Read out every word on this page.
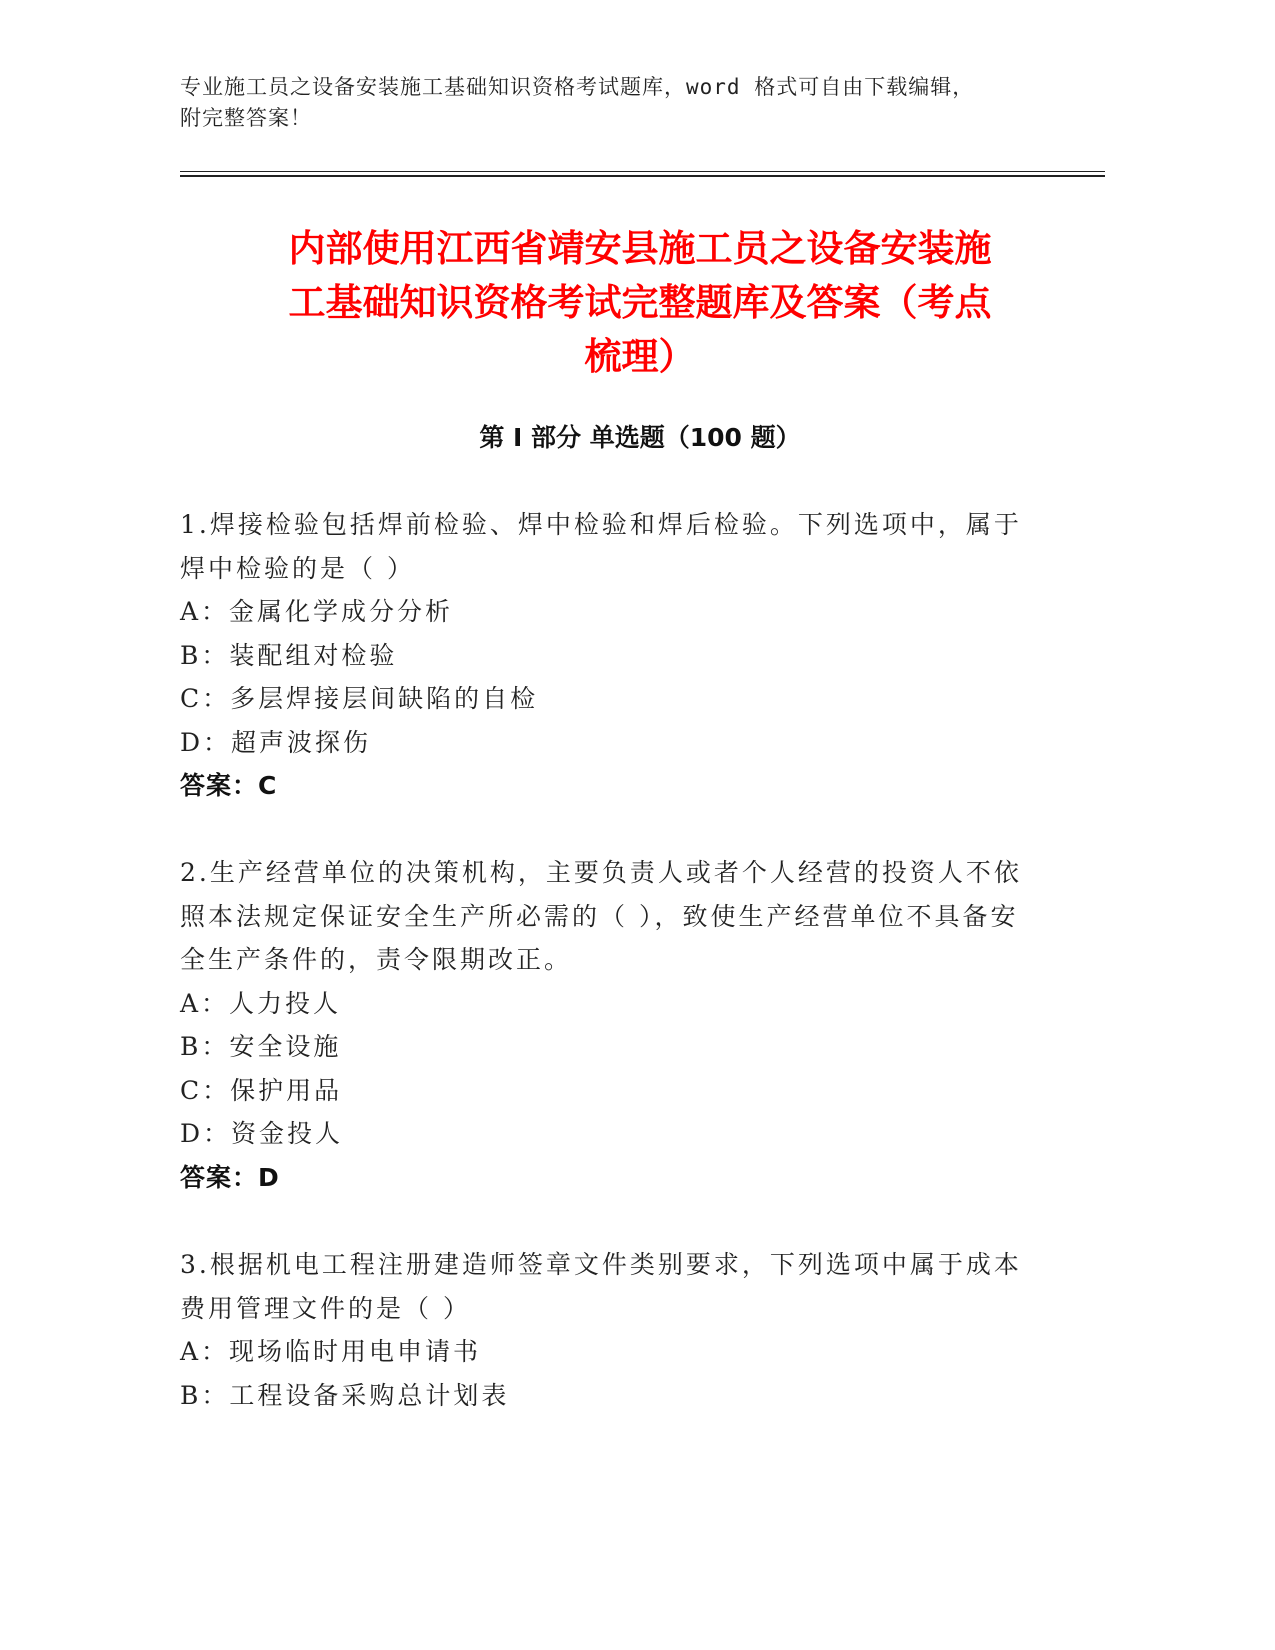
专业施工员之设备安装施工基础知识资格考试题库，word 格式可自由下载编辑，
附完整答案！
内部使用江西省靖安县施工员之设备安装施
工基础知识资格考试完整题库及答案（考点
梳理）
第 I 部分 单选题（100 题）
1.焊接检验包括焊前检验、焊中检验和焊后检验。下列选项中，属于
焊中检验的是（ ）
A：金属化学成分分析
B：装配组对检验
C：多层焊接层间缺陷的自检
D：超声波探伤
答案：C
2.生产经营单位的决策机构，主要负责人或者个人经营的投资人不依
照本法规定保证安全生产所必需的（ ），致使生产经营单位不具备安
全生产条件的，责令限期改正。
A：人力投人
B：安全设施
C：保护用品
D：资金投人
答案：D
3.根据机电工程注册建造师签章文件类别要求，下列选项中属于成本
费用管理文件的是（ ）
A：现场临时用电申请书
B：工程设备采购总计划表
